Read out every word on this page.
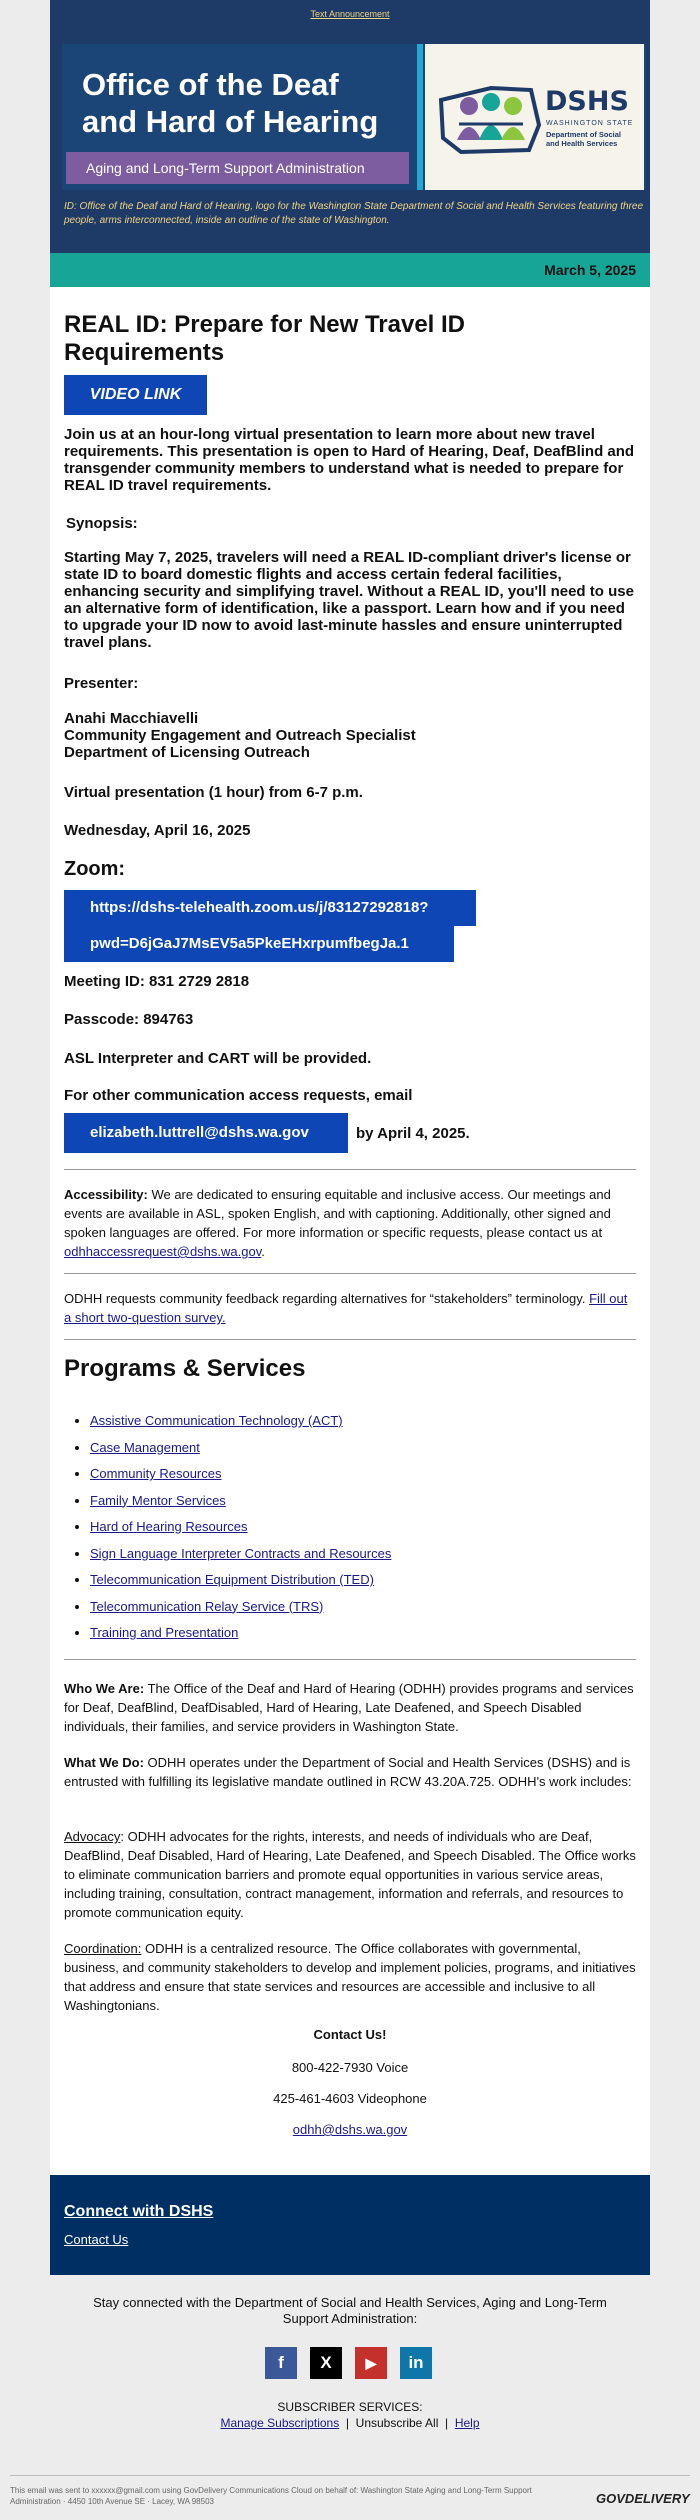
Text Announcement
Office of the Deaf
and Hard of Hearing
Aging and Long-Term Support Administration
DSHS
WASHINGTON STATE
Department of Social and Health Services
ID: Office of the Deaf and Hard of Hearing, logo for the Washington State Department of Social and Health Services featuring three people, arms interconnected, inside an outline of the state of Washington.
March 5, 2025
REAL ID: Prepare for New Travel ID Requirements
VIDEO LINK
Join us at an hour-long virtual presentation to learn more about new travel requirements. This presentation is open to Hard of Hearing, Deaf, DeafBlind and transgender community members to understand what is needed to prepare for REAL ID travel requirements.
Synopsis:
Starting May 7, 2025, travelers will need a REAL ID-compliant driver's license or state ID to board domestic flights and access certain federal facilities, enhancing security and simplifying travel. Without a REAL ID, you'll need to use an alternative form of identification, like a passport. Learn how and if you need to upgrade your ID now to avoid last-minute hassles and ensure uninterrupted travel plans.
Presenter:
Anahi Macchiavelli
Community Engagement and Outreach Specialist
Department of Licensing Outreach
Virtual presentation (1 hour) from 6-7 p.m.
Wednesday, April 16, 2025
Zoom:
https://dshs-telehealth.zoom.us/j/83127292818?
pwd=D6jGaJ7MsEV5a5PkeEHxrpumfbegJa.1
Meeting ID: 831 2729 2818
Passcode: 894763
ASL Interpreter and CART will be provided.
For other communication access requests, email
elizabeth.luttrell@dshs.wa.gov	by April 4, 2025.
Accessibility: We are dedicated to ensuring equitable and inclusive access. Our meetings and events are available in ASL, spoken English, and with captioning. Additionally, other signed and spoken languages are offered. For more information or specific requests, please contact us at odhhaccessrequest@dshs.wa.gov.
ODHH requests community feedback regarding alternatives for “stakeholders” terminology. Fill out a short two-question survey.
Programs & Services
• Assistive Communication Technology (ACT)
• Case Management
• Community Resources
• Family Mentor Services
• Hard of Hearing Resources
• Sign Language Interpreter Contracts and Resources
• Telecommunication Equipment Distribution (TED)
• Telecommunication Relay Service (TRS)
• Training and Presentation
Who We Are: The Office of the Deaf and Hard of Hearing (ODHH) provides programs and services for Deaf, DeafBlind, DeafDisabled, Hard of Hearing, Late Deafened, and Speech Disabled individuals, their families, and service providers in Washington State.
What We Do: ODHH operates under the Department of Social and Health Services (DSHS) and is entrusted with fulfilling its legislative mandate outlined in RCW 43.20A.725. ODHH's work includes:
Advocacy: ODHH advocates for the rights, interests, and needs of individuals who are Deaf, DeafBlind, Deaf Disabled, Hard of Hearing, Late Deafened, and Speech Disabled. The Office works to eliminate communication barriers and promote equal opportunities in various service areas, including training, consultation, contract management, information and referrals, and resources to promote communication equity.
Coordination: ODHH is a centralized resource. The Office collaborates with governmental, business, and community stakeholders to develop and implement policies, programs, and initiatives that address and ensure that state services and resources are accessible and inclusive to all Washingtonians.
Contact Us!
800-422-7930 Voice
425-461-4603 Videophone
odhh@dshs.wa.gov
Connect with DSHS
Contact Us
Stay connected with the Department of Social and Health Services, Aging and Long-Term Support Administration:
f	X	▶	in
SUBSCRIBER SERVICES:
Manage Subscriptions  |  Unsubscribe All  |  Help
This email was sent to xxxxxx@gmail.com using GovDelivery Communications Cloud on behalf of: Washington State Aging and Long-Term Support Administration · 4450 10th Avenue SE · Lacey, WA 98503	GOVDELIVERY
